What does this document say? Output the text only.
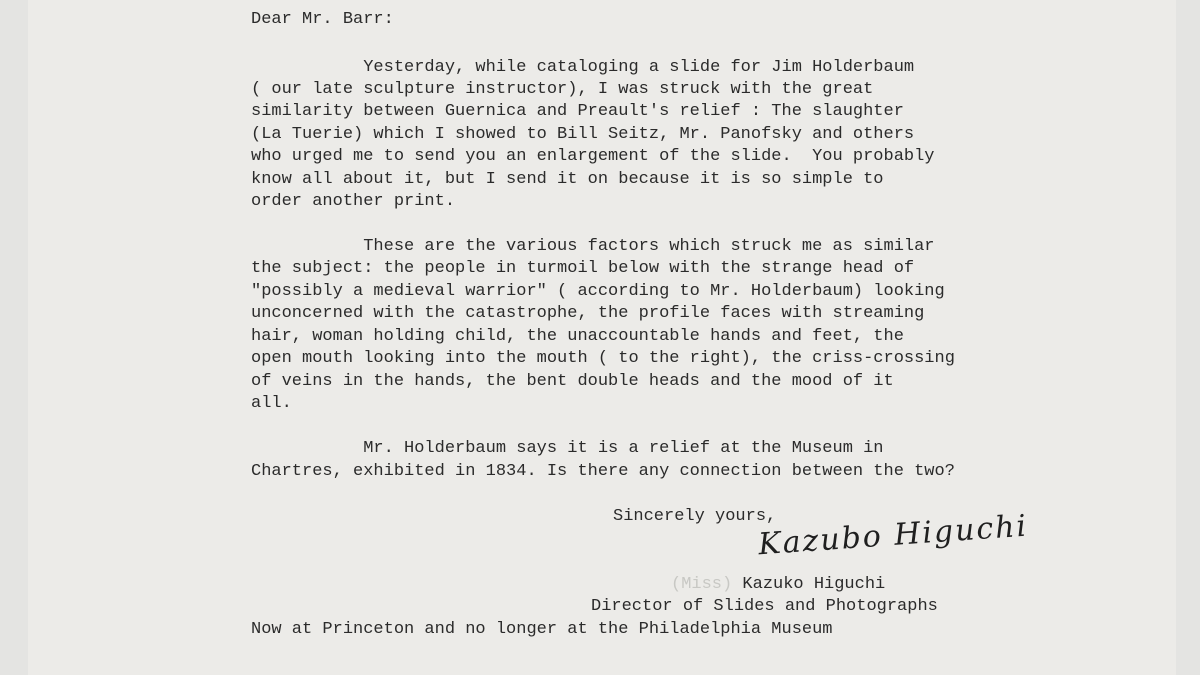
Dear Mr. Barr:

Yesterday, while cataloging a slide for Jim Holderbaum

( our late sculpture instructor), I was struck with the great

similarity between Guernica and Preault's relief : The slaughter

(La Tuerie) which I showed to Bill Seitz, Mr. Panofsky and others

who urged me to send you an enlargement of the slide.  You probably

know all about it, but I send it on because it is so simple to

order another print.

These are the various factors which struck me as similar

the subject: the people in turmoil below with the strange head of

"possibly a medieval warrior" ( according to Mr. Holderbaum) looking

unconcerned with the catastrophe, the profile faces with streaming

hair, woman holding child, the unaccountable hands and feet, the

open mouth looking into the mouth ( to the right), the criss-crossing

of veins in the hands, the bent double heads and the mood of it

all.

Mr. Holderbaum says it is a relief at the Museum in

Chartres, exhibited in 1834. Is there any connection between the two?

Sincerely yours,

(Miss) Kazuko Higuchi

Director of Slides and Photographs

Now at Princeton and no longer at the Philadelphia Museum

Kazubo Higuchi
